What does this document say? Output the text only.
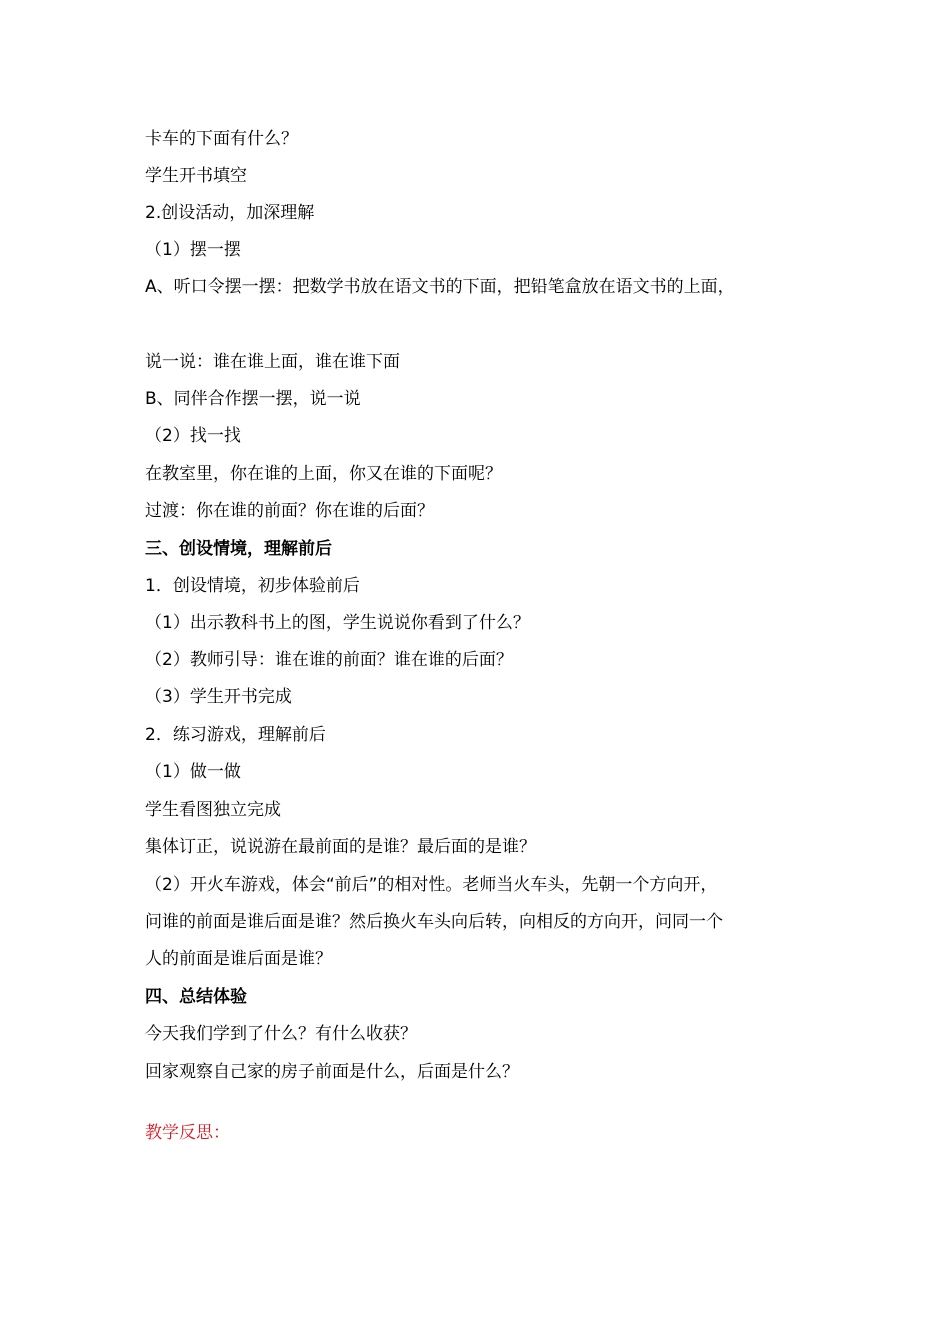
卡车的下面有什么？
学生开书填空
2.创设活动，加深理解
（1）摆一摆
A、听口令摆一摆：把数学书放在语文书的下面，把铅笔盒放在语文书的上面，
说一说：谁在谁上面，谁在谁下面
B、同伴合作摆一摆，说一说
（2）找一找
在教室里，你在谁的上面，你又在谁的下面呢？
过渡：你在谁的前面？你在谁的后面？
三、创设情境，理解前后
1．创设情境，初步体验前后
（1）出示教科书上的图，学生说说你看到了什么？
（2）教师引导：谁在谁的前面？谁在谁的后面？
（3）学生开书完成
2．练习游戏，理解前后
（1）做一做
学生看图独立完成
集体订正，说说游在最前面的是谁？最后面的是谁？
（2）开火车游戏，体会“前后”的相对性。老师当火车头，先朝一个方向开，
问谁的前面是谁后面是谁？然后换火车头向后转，向相反的方向开，问同一个
人的前面是谁后面是谁？
四、总结体验
今天我们学到了什么？有什么收获？
回家观察自己家的房子前面是什么，后面是什么？
教学反思：
